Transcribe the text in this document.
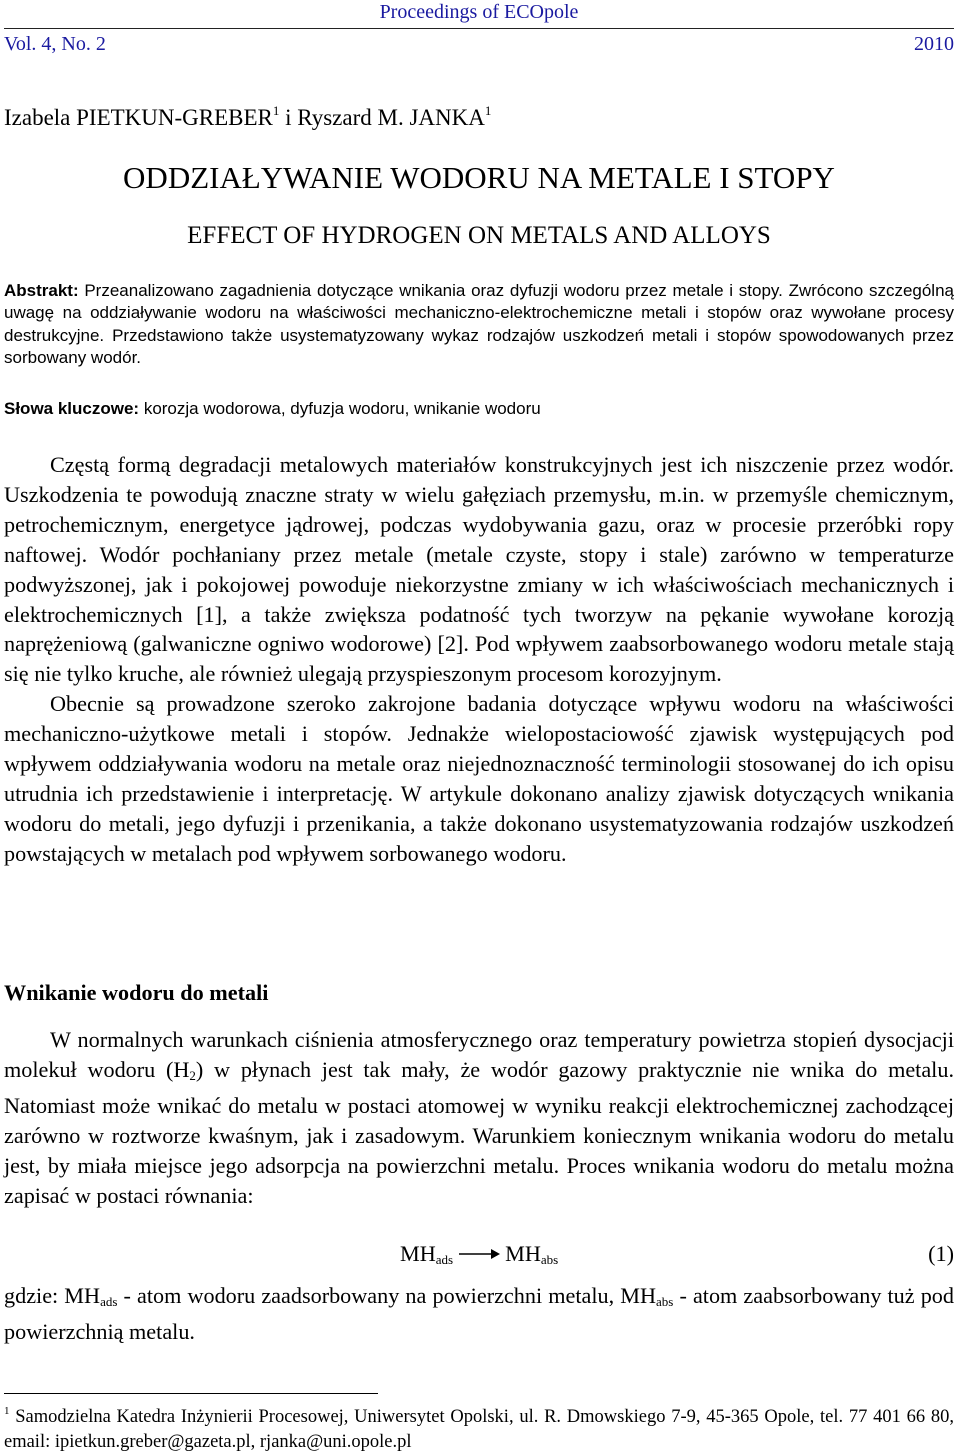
Proceedings of ECOpole
Vol. 4, No. 2	2010
Izabela PIETKUN-GREBER$^1$ i Ryszard M. JANKA$^1$
ODDZIAŁYWANIE WODORU NA METALE I STOPY
EFFECT OF HYDROGEN ON METALS AND ALLOYS
Abstrakt: Przeanalizowano zagadnienia dotyczące wnikania oraz dyfuzji wodoru przez metale i stopy. Zwrócono szczególną uwagę na oddziaływanie wodoru na właściwości mechaniczno-elektrochemiczne metali i stopów oraz wywołane procesy destrukcyjne. Przedstawiono także usystematyzowany wykaz rodzajów uszkodzeń metali i stopów spowodowanych przez sorbowany wodór.
Słowa kluczowe: korozja wodorowa, dyfuzja wodoru, wnikanie wodoru

Częstą formą degradacji metalowych materiałów konstrukcyjnych jest ich niszczenie przez wodór. Uszkodzenia te powodują znaczne straty w wielu gałęziach przemysłu, m.in. w przemyśle chemicznym, petrochemicznym, energetyce jądrowej, podczas wydobywania gazu, oraz w procesie przeróbki ropy naftowej. Wodór pochłaniany przez metale (metale czyste, stopy i stale) zarówno w temperaturze podwyższonej, jak i pokojowej powoduje niekorzystne zmiany w ich właściwościach mechanicznych i elektrochemicznych [1], a także zwiększa podatność tych tworzyw na pękanie wywołane korozją naprężeniową (galwaniczne ogniwo wodorowe) [2]. Pod wpływem zaabsorbowanego wodoru metale stają się nie tylko kruche, ale również ulegają przyspieszonym procesom korozyjnym.

Obecnie są prowadzone szeroko zakrojone badania dotyczące wpływu wodoru na właściwości mechaniczno-użytkowe metali i stopów. Jednakże wielopostaciowość zjawisk występujących pod wpływem oddziaływania wodoru na metale oraz niejednoznaczność terminologii stosowanej do ich opisu utrudnia ich przedstawienie i interpretację. W artykule dokonano analizy zjawisk dotyczących wnikania wodoru do metali, jego dyfuzji i przenikania, a także dokonano usystematyzowania rodzajów uszkodzeń powstających w metalach pod wpływem sorbowanego wodoru.

Wnikanie wodoru do metali

W normalnych warunkach ciśnienia atmosferycznego oraz temperatury powietrza stopień dysocjacji molekuł wodoru $(H_2)$ w płynach jest tak mały, że wodór gazowy praktycznie nie wnika do metalu. Natomiast może wnikać do metalu w postaci atomowej w wyniku reakcji elektrochemicznej zachodzącej zarówno w roztworze kwaśnym, jak i zasadowym. Warunkiem koniecznym wnikania wodoru do metalu jest, by miała miejsce jego adsorpcja na powierzchni metalu. Proces wnikania wodoru do metalu można zapisać w postaci równania:

$MH_{ads}$ $MH_{abs}$	(1)
gdzie: $MH_{ads}$ - atom wodoru zaadsorbowany na powierzchni metalu, $MH_{abs}$ - atom zaabsorbowany tuż pod powierzchnią metalu.
$^1$ Samodzielna Katedra Inżynierii Procesowej, Uniwersytet Opolski, ul. R. Dmowskiego 7-9, 45-365 Opole, tel. 77 401 66 80, email: ipietkun.greber@gazeta.pl, rjanka@uni.opole.pl
